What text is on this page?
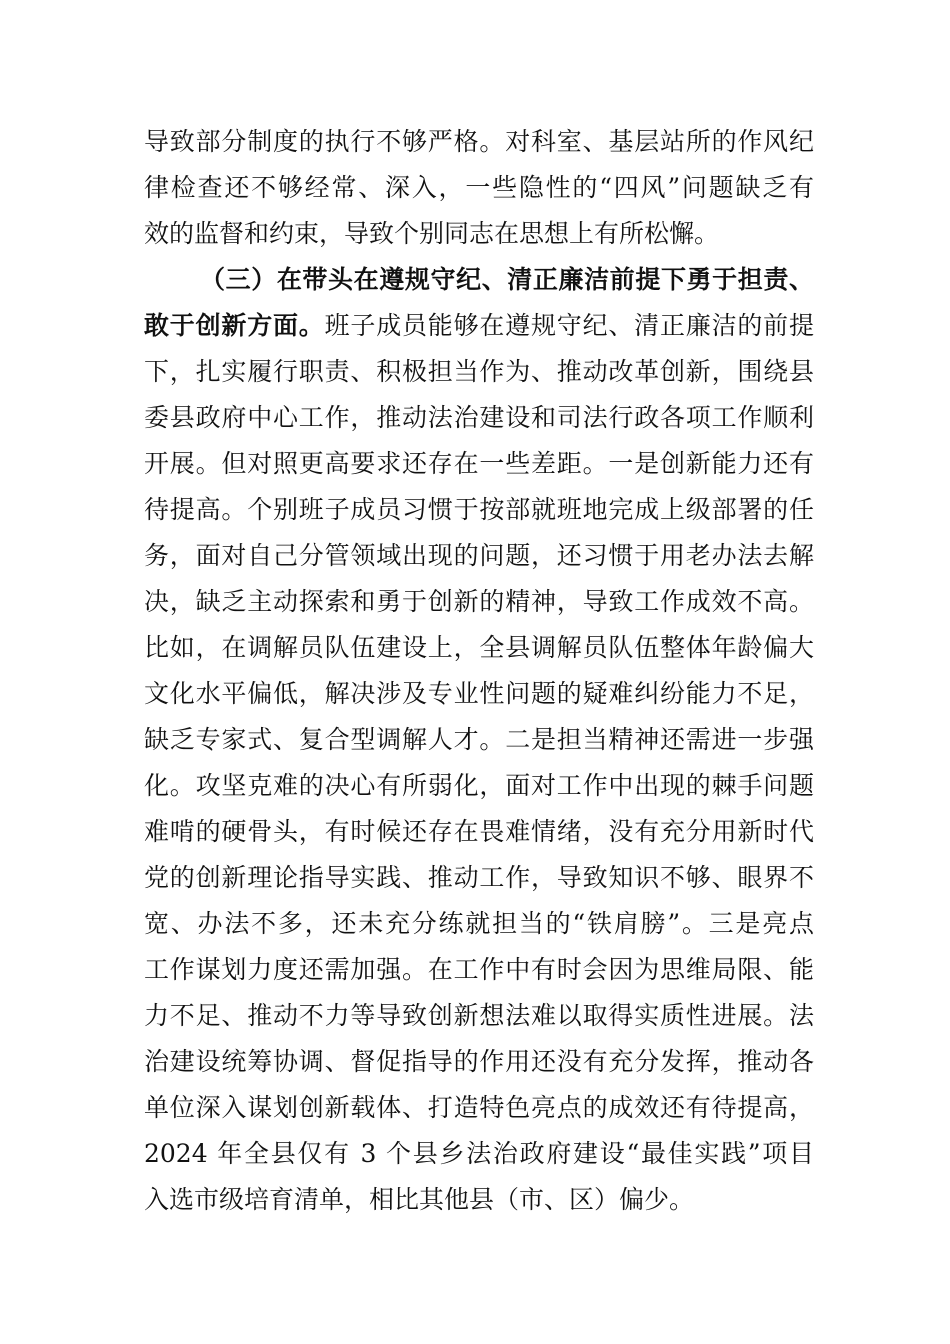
导致部分制度的执行不够严格。对科室、基层站所的作风纪
律检查还不够经常、深入，一些隐性的“四风”问题缺乏有
效的监督和约束，导致个别同志在思想上有所松懈。
（三）在带头在遵规守纪、清正廉洁前提下勇于担责、
敢于创新方面。班子成员能够在遵规守纪、清正廉洁的前提
下，扎实履行职责、积极担当作为、推动改革创新，围绕县
委县政府中心工作，推动法治建设和司法行政各项工作顺利
开展。但对照更高要求还存在一些差距。一是创新能力还有
待提高。个别班子成员习惯于按部就班地完成上级部署的任
务，面对自己分管领域出现的问题，还习惯于用老办法去解
决，缺乏主动探索和勇于创新的精神，导致工作成效不高。
比如，在调解员队伍建设上，全县调解员队伍整体年龄偏大
文化水平偏低，解决涉及专业性问题的疑难纠纷能力不足，
缺乏专家式、复合型调解人才。二是担当精神还需进一步强
化。攻坚克难的决心有所弱化，面对工作中出现的棘手问题
难啃的硬骨头，有时候还存在畏难情绪，没有充分用新时代
党的创新理论指导实践、推动工作，导致知识不够、眼界不
宽、办法不多，还未充分练就担当的“铁肩膀”。三是亮点
工作谋划力度还需加强。在工作中有时会因为思维局限、能
力不足、推动不力等导致创新想法难以取得实质性进展。法
治建设统筹协调、督促指导的作用还没有充分发挥，推动各
单位深入谋划创新载体、打造特色亮点的成效还有待提高，
2024 年全县仅有 3 个县乡法治政府建设“最佳实践”项目
入选市级培育清单，相比其他县（市、区）偏少。
